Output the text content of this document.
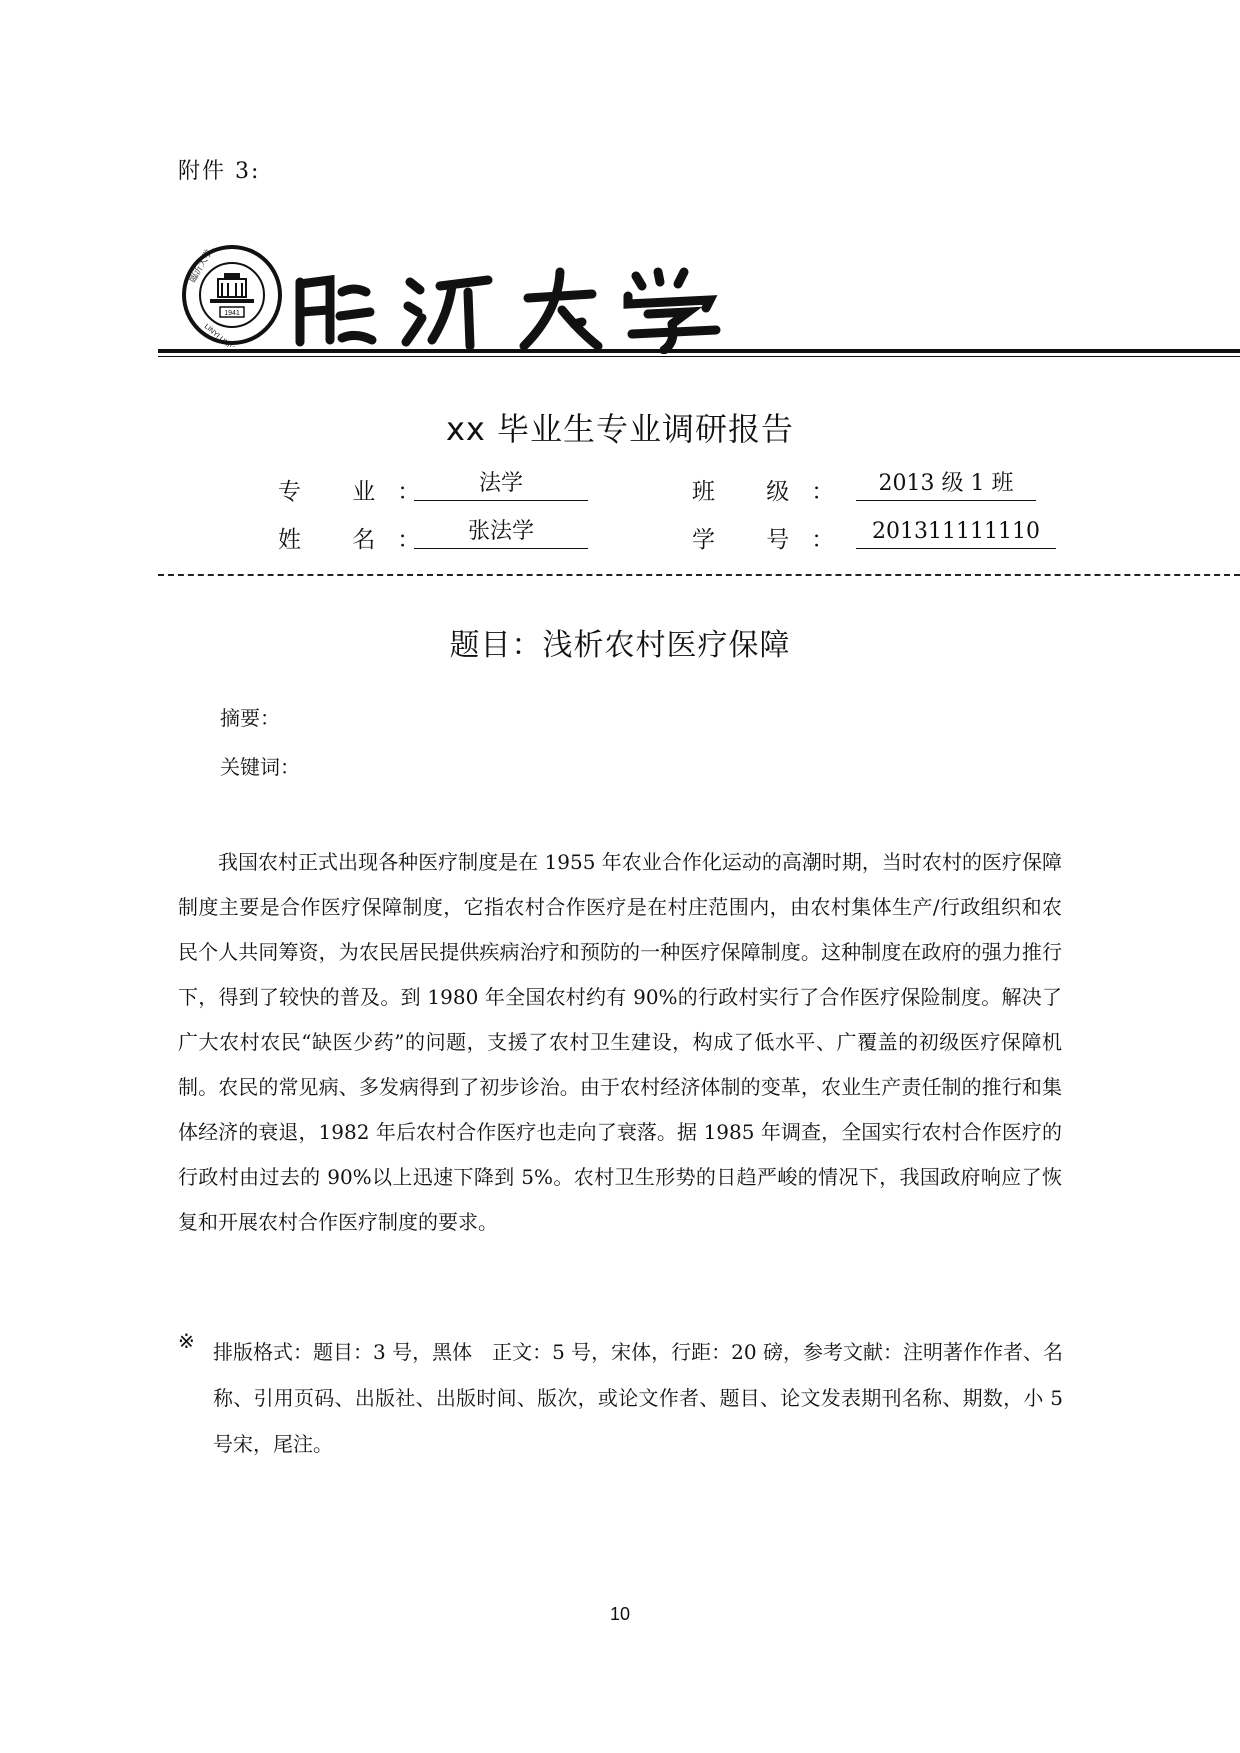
附件 3:
1941
臨沂大学
xx 毕业生专业调研报告
专 业：	法学	班 级：	2013 级 1 班
姓 名：	张法学	学 号： 201311111110
题目：浅析农村医疗保障
摘要：
关键词：

我国农村正式出现各种医疗制度是在 1955 年农业合作化运动的高潮时期，当时农村的医疗保障制度主要是合作医疗保障制度，它指农村合作医疗是在村庄范围内，由农村集体生产/行政组织和农民个人共同筹资，为农民居民提供疾病治疗和预防的一种医疗保障制度。这种制度在政府的强力推行下，得到了较快的普及。到 1980 年全国农村约有 90%的行政村实行了合作医疗保险制度。解决了广大农村农民“缺医少药”的问题，支援了农村卫生建设，构成了低水平、广覆盖的初级医疗保障机制。农民的常见病、多发病得到了初步诊治。由于农村经济体制的变革，农业生产责任制的推行和集体经济的衰退，1982 年后农村合作医疗也走向了衰落。据 1985 年调查，全国实行农村合作医疗的行政村由过去的 90%以上迅速下降到 5%。农村卫生形势的日趋严峻的情况下，我国政府响应了恢复和开展农村合作医疗制度的要求。

※ 排版格式：题目：3 号，黑体　正文：5 号，宋体，行距：20 磅，参考文献：注明著作作者、名称、引用页码、出版社、出版时间、版次，或论文作者、题目、论文发表期刊名称、期数，小 5 号宋，尾注。

10
